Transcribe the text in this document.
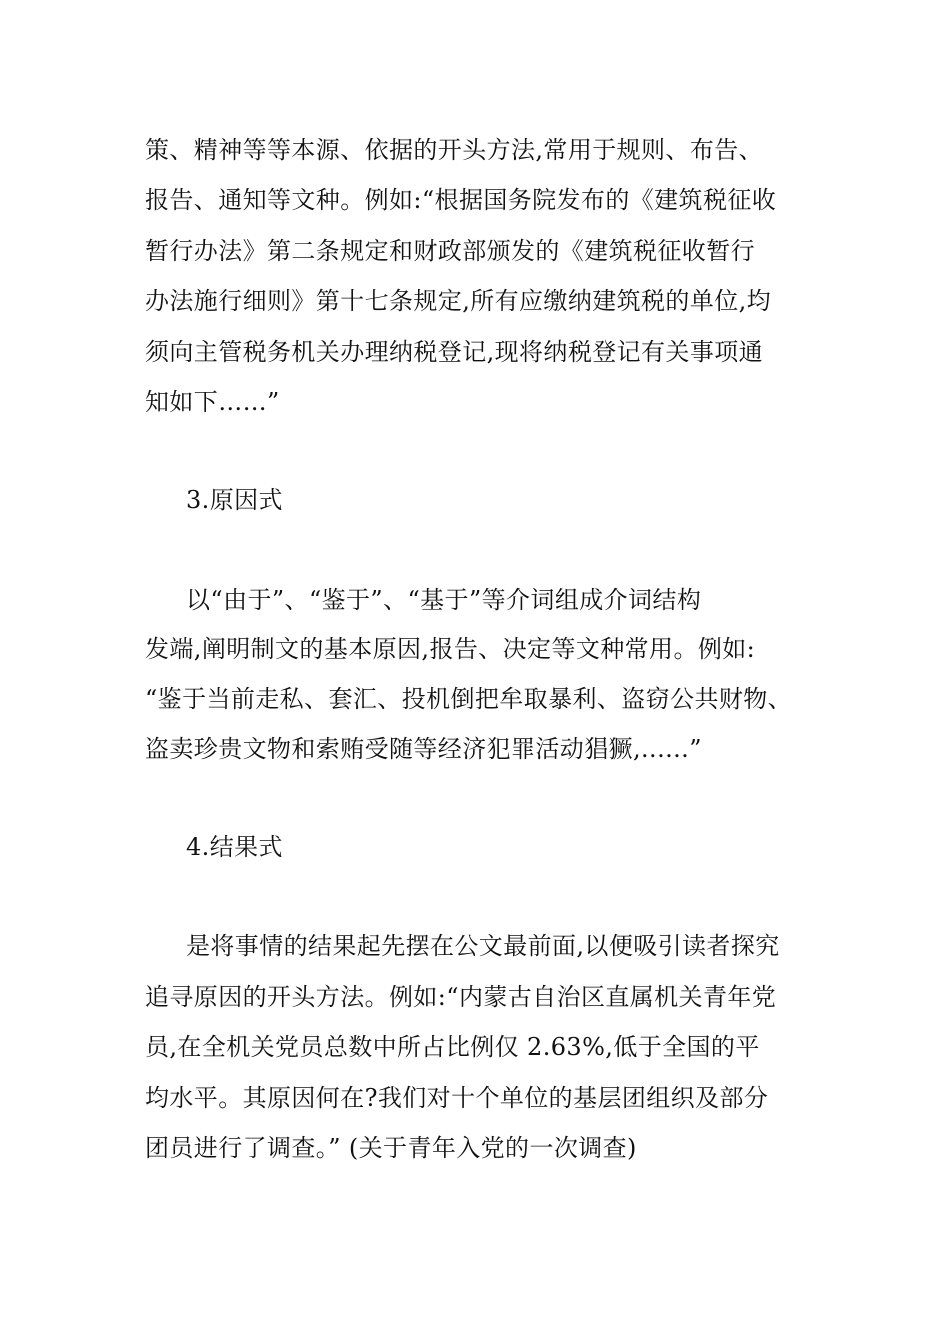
策、精神等等本源、依据的开头方法,常用于规则、布告、
报告、通知等文种。例如:“根据国务院发布的《建筑税征收
暂行办法》第二条规定和财政部颁发的《建筑税征收暂行
办法施行细则》第十七条规定,所有应缴纳建筑税的单位,均
须向主管税务机关办理纳税登记,现将纳税登记有关事项通
知如下……”
3.原因式
以“由于”、“鉴于”、“基于”等介词组成介词结构
发端,阐明制文的基本原因,报告、决定等文种常用。例如:
“鉴于当前走私、套汇、投机倒把牟取暴利、盗窃公共财物、
盗卖珍贵文物和索贿受随等经济犯罪活动猖獗,......”
4.结果式
是将事情的结果起先摆在公文最前面,以便吸引读者探究
追寻原因的开头方法。例如:“内蒙古自治区直属机关青年党
员,在全机关党员总数中所占比例仅 2.63%,低于全国的平
均水平。其原因何在?我们对十个单位的基层团组织及部分
团员进行了调查。” (关于青年入党的一次调查)
